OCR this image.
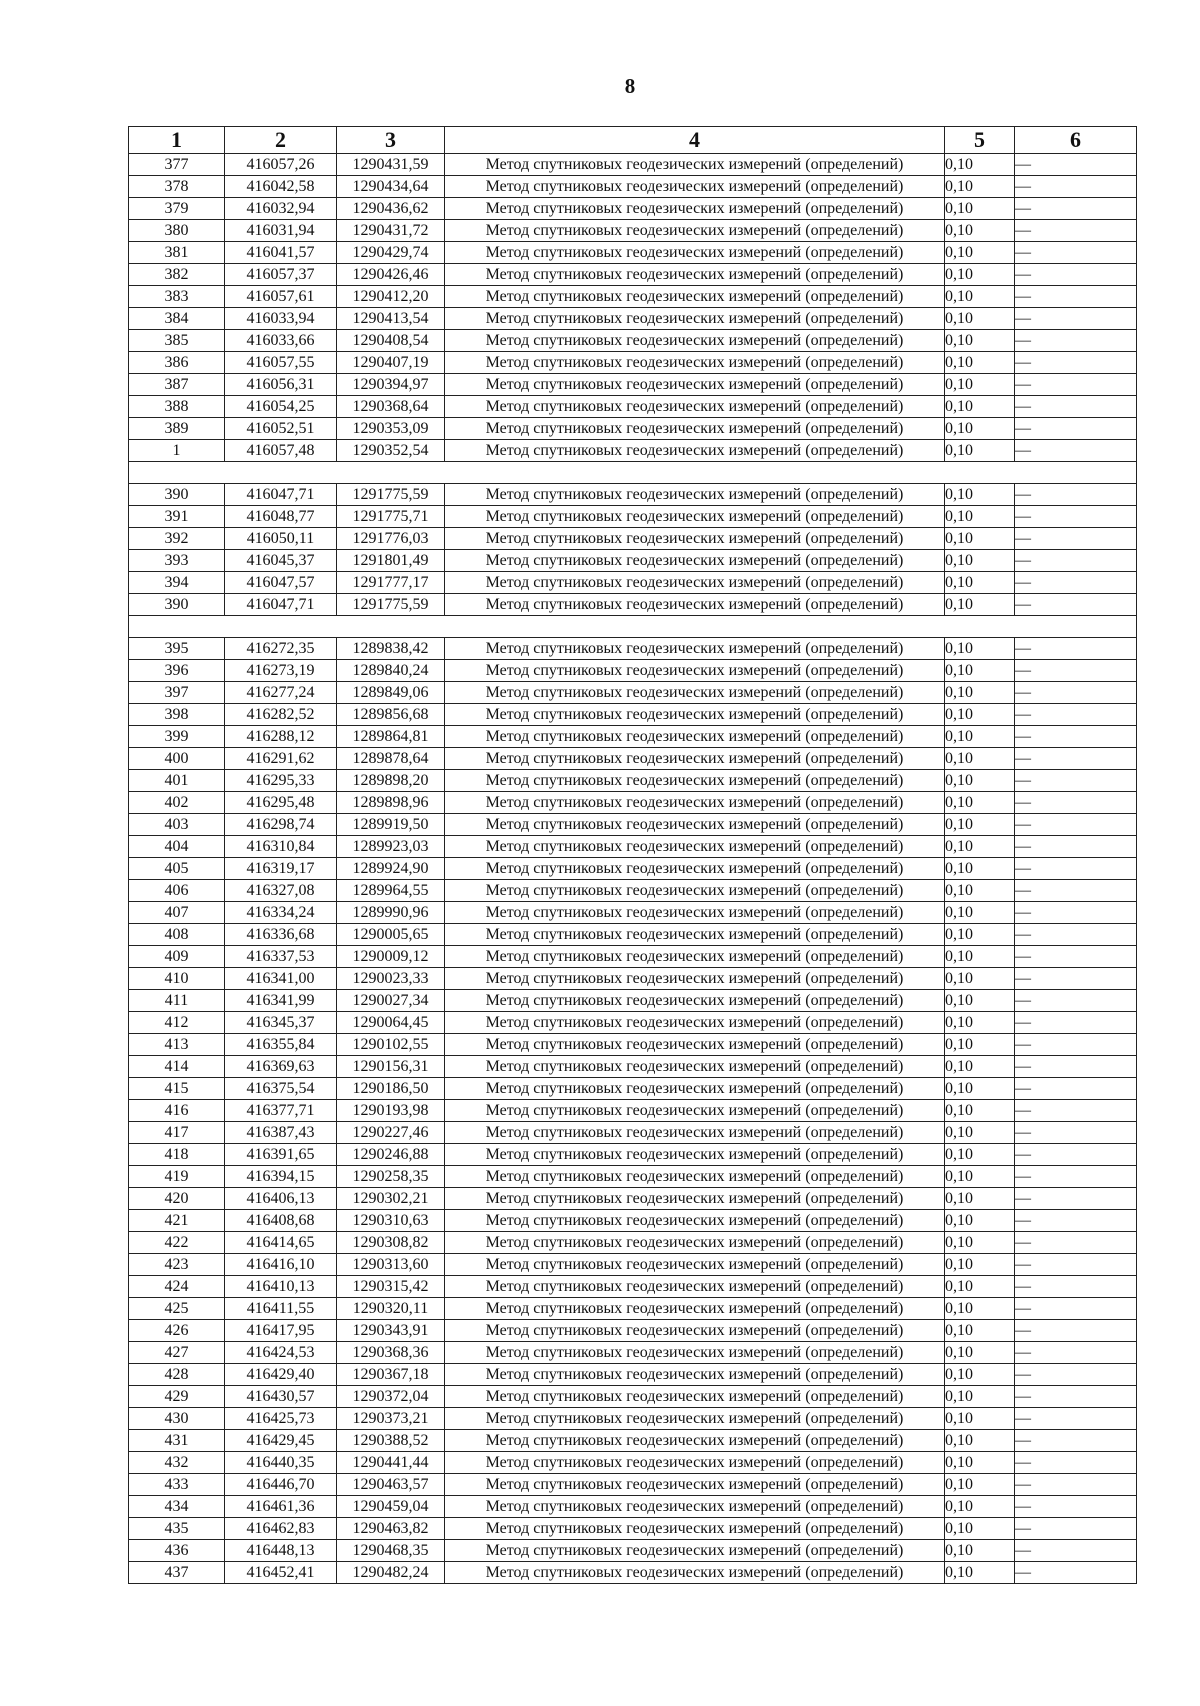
8
1	2	3	4	5	6
377	416057,26	1290431,59	Метод спутниковых геодезических измерений (определений)	0,10	—
378	416042,58	1290434,64	Метод спутниковых геодезических измерений (определений)	0,10	—
379	416032,94	1290436,62	Метод спутниковых геодезических измерений (определений)	0,10	—
380	416031,94	1290431,72	Метод спутниковых геодезических измерений (определений)	0,10	—
381	416041,57	1290429,74	Метод спутниковых геодезических измерений (определений)	0,10	—
382	416057,37	1290426,46	Метод спутниковых геодезических измерений (определений)	0,10	—
383	416057,61	1290412,20	Метод спутниковых геодезических измерений (определений)	0,10	—
384	416033,94	1290413,54	Метод спутниковых геодезических измерений (определений)	0,10	—
385	416033,66	1290408,54	Метод спутниковых геодезических измерений (определений)	0,10	—
386	416057,55	1290407,19	Метод спутниковых геодезических измерений (определений)	0,10	—
387	416056,31	1290394,97	Метод спутниковых геодезических измерений (определений)	0,10	—
388	416054,25	1290368,64	Метод спутниковых геодезических измерений (определений)	0,10	—
389	416052,51	1290353,09	Метод спутниковых геодезических измерений (определений)	0,10	—
1	416057,48	1290352,54	Метод спутниковых геодезических измерений (определений)	0,10	—

390	416047,71	1291775,59	Метод спутниковых геодезических измерений (определений)	0,10	—
391	416048,77	1291775,71	Метод спутниковых геодезических измерений (определений)	0,10	—
392	416050,11	1291776,03	Метод спутниковых геодезических измерений (определений)	0,10	—
393	416045,37	1291801,49	Метод спутниковых геодезических измерений (определений)	0,10	—
394	416047,57	1291777,17	Метод спутниковых геодезических измерений (определений)	0,10	—
390	416047,71	1291775,59	Метод спутниковых геодезических измерений (определений)	0,10	—

395	416272,35	1289838,42	Метод спутниковых геодезических измерений (определений)	0,10	—
396	416273,19	1289840,24	Метод спутниковых геодезических измерений (определений)	0,10	—
397	416277,24	1289849,06	Метод спутниковых геодезических измерений (определений)	0,10	—
398	416282,52	1289856,68	Метод спутниковых геодезических измерений (определений)	0,10	—
399	416288,12	1289864,81	Метод спутниковых геодезических измерений (определений)	0,10	—
400	416291,62	1289878,64	Метод спутниковых геодезических измерений (определений)	0,10	—
401	416295,33	1289898,20	Метод спутниковых геодезических измерений (определений)	0,10	—
402	416295,48	1289898,96	Метод спутниковых геодезических измерений (определений)	0,10	—
403	416298,74	1289919,50	Метод спутниковых геодезических измерений (определений)	0,10	—
404	416310,84	1289923,03	Метод спутниковых геодезических измерений (определений)	0,10	—
405	416319,17	1289924,90	Метод спутниковых геодезических измерений (определений)	0,10	—
406	416327,08	1289964,55	Метод спутниковых геодезических измерений (определений)	0,10	—
407	416334,24	1289990,96	Метод спутниковых геодезических измерений (определений)	0,10	—
408	416336,68	1290005,65	Метод спутниковых геодезических измерений (определений)	0,10	—
409	416337,53	1290009,12	Метод спутниковых геодезических измерений (определений)	0,10	—
410	416341,00	1290023,33	Метод спутниковых геодезических измерений (определений)	0,10	—
411	416341,99	1290027,34	Метод спутниковых геодезических измерений (определений)	0,10	—
412	416345,37	1290064,45	Метод спутниковых геодезических измерений (определений)	0,10	—
413	416355,84	1290102,55	Метод спутниковых геодезических измерений (определений)	0,10	—
414	416369,63	1290156,31	Метод спутниковых геодезических измерений (определений)	0,10	—
415	416375,54	1290186,50	Метод спутниковых геодезических измерений (определений)	0,10	—
416	416377,71	1290193,98	Метод спутниковых геодезических измерений (определений)	0,10	—
417	416387,43	1290227,46	Метод спутниковых геодезических измерений (определений)	0,10	—
418	416391,65	1290246,88	Метод спутниковых геодезических измерений (определений)	0,10	—
419	416394,15	1290258,35	Метод спутниковых геодезических измерений (определений)	0,10	—
420	416406,13	1290302,21	Метод спутниковых геодезических измерений (определений)	0,10	—
421	416408,68	1290310,63	Метод спутниковых геодезических измерений (определений)	0,10	—
422	416414,65	1290308,82	Метод спутниковых геодезических измерений (определений)	0,10	—
423	416416,10	1290313,60	Метод спутниковых геодезических измерений (определений)	0,10	—
424	416410,13	1290315,42	Метод спутниковых геодезических измерений (определений)	0,10	—
425	416411,55	1290320,11	Метод спутниковых геодезических измерений (определений)	0,10	—
426	416417,95	1290343,91	Метод спутниковых геодезических измерений (определений)	0,10	—
427	416424,53	1290368,36	Метод спутниковых геодезических измерений (определений)	0,10	—
428	416429,40	1290367,18	Метод спутниковых геодезических измерений (определений)	0,10	—
429	416430,57	1290372,04	Метод спутниковых геодезических измерений (определений)	0,10	—
430	416425,73	1290373,21	Метод спутниковых геодезических измерений (определений)	0,10	—
431	416429,45	1290388,52	Метод спутниковых геодезических измерений (определений)	0,10	—
432	416440,35	1290441,44	Метод спутниковых геодезических измерений (определений)	0,10	—
433	416446,70	1290463,57	Метод спутниковых геодезических измерений (определений)	0,10	—
434	416461,36	1290459,04	Метод спутниковых геодезических измерений (определений)	0,10	—
435	416462,83	1290463,82	Метод спутниковых геодезических измерений (определений)	0,10	—
436	416448,13	1290468,35	Метод спутниковых геодезических измерений (определений)	0,10	—
437	416452,41	1290482,24	Метод спутниковых геодезических измерений (определений)	0,10	—
